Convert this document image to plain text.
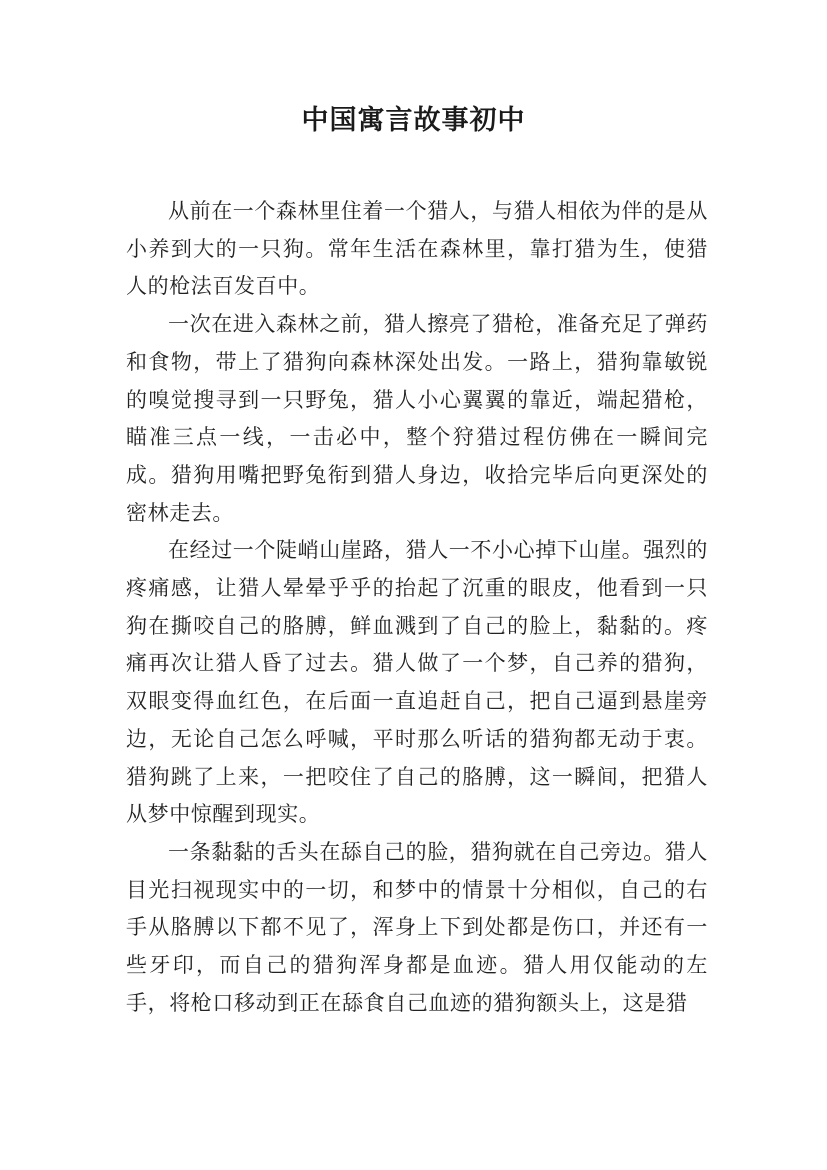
中国寓言故事初中

从前在一个森林里住着一个猎人，与猎人相依为伴的是从小养到大的一只狗。常年生活在森林里，靠打猎为生，使猎人的枪法百发百中。

一次在进入森林之前，猎人擦亮了猎枪，准备充足了弹药和食物，带上了猎狗向森林深处出发。一路上，猎狗靠敏锐的嗅觉搜寻到一只野兔，猎人小心翼翼的靠近，端起猎枪，瞄准三点一线，一击必中，整个狩猎过程仿佛在一瞬间完成。猎狗用嘴把野兔衔到猎人身边，收拾完毕后向更深处的密林走去。

在经过一个陡峭山崖路，猎人一不小心掉下山崖。强烈的疼痛感，让猎人晕晕乎乎的抬起了沉重的眼皮，他看到一只狗在撕咬自己的胳膊，鲜血溅到了自己的脸上，黏黏的。疼痛再次让猎人昏了过去。猎人做了一个梦，自己养的猎狗，双眼变得血红色，在后面一直追赶自己，把自己逼到悬崖旁边，无论自己怎么呼喊，平时那么听话的猎狗都无动于衷。猎狗跳了上来，一把咬住了自己的胳膊，这一瞬间，把猎人从梦中惊醒到现实。

一条黏黏的舌头在舔自己的脸，猎狗就在自己旁边。猎人目光扫视现实中的一切，和梦中的情景十分相似，自己的右手从胳膊以下都不见了，浑身上下到处都是伤口，并还有一些牙印，而自己的猎狗浑身都是血迹。猎人用仅能动的左手，将枪口移动到正在舔食自己血迹的猎狗额头上，这是猎
